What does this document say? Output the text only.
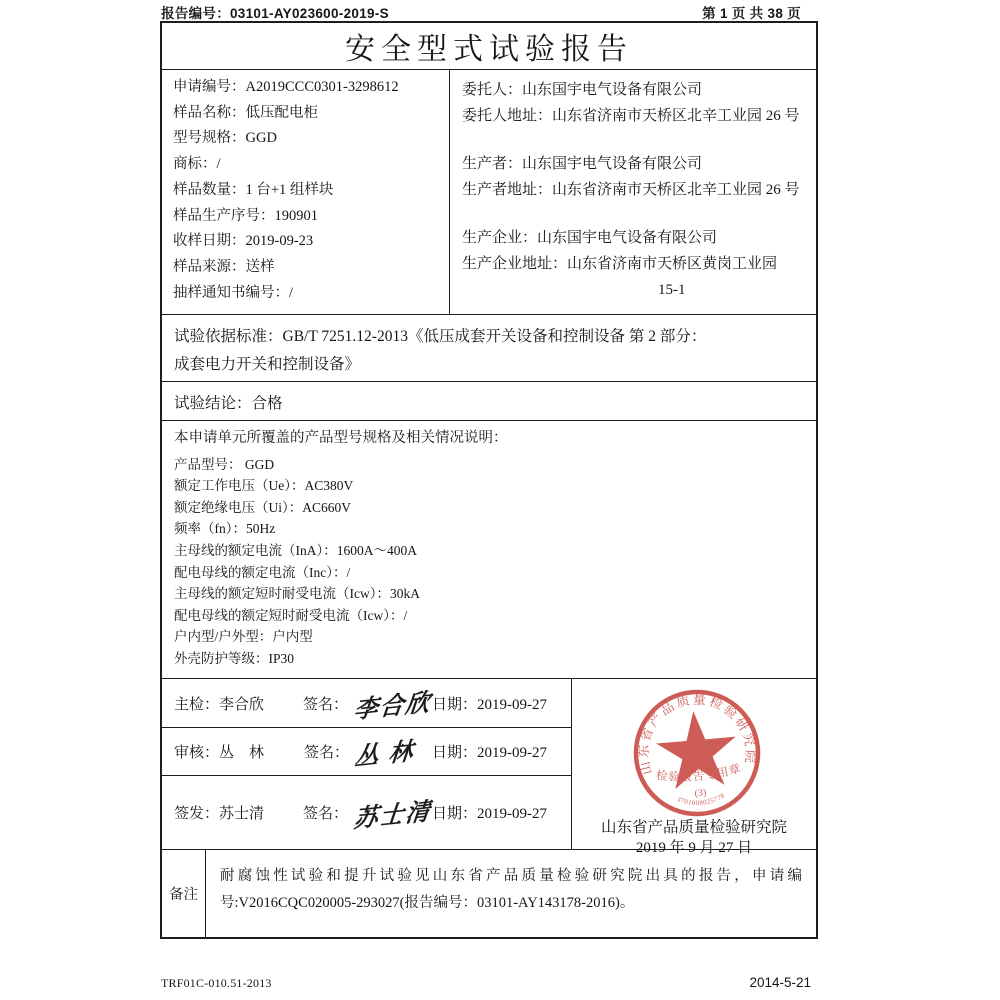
报告编号：03101-AY023600-2019-S	第 1 页 共 38 页
安全型式试验报告
申请编号：A2019CCC0301-3298612
样品名称：低压配电柜
型号规格：GGD
商标：/
样品数量：1 台+1 组样块
样品生产序号：190901
收样日期：2019-09-23
样品来源：送样
抽样通知书编号：/
委托人：山东国宇电气设备有限公司
委托人地址：山东省济南市天桥区北辛工业园 26 号
生产者：山东国宇电气设备有限公司
生产者地址：山东省济南市天桥区北辛工业园 26 号
生产企业：山东国宇电气设备有限公司
生产企业地址：山东省济南市天桥区黄岗工业园
15-1
试验依据标准：GB/T 7251.12-2013《低压成套开关设备和控制设备 第 2 部分：
成套电力开关和控制设备》
试验结论：合格
本申请单元所覆盖的产品型号规格及相关情况说明：
产品型号： GGD
额定工作电压（Ue）：AC380V
额定绝缘电压（Ui）：AC660V
频率（fn）：50Hz
主母线的额定电流（InA）：1600A～400A
配电母线的额定电流（Inc）：/
主母线的额定短时耐受电流（Icw）：30kA
配电母线的额定短时耐受电流（Icw）：/
户内型/户外型：户内型
外壳防护等级：IP30
主检：李合欣	签名： 李合欣 日期：2019-09-27
审核：丛　林	签名： 丛 林 日期：2019-09-27
签发：苏士清	签名： 苏士清 日期：2019-09-27
山东省产品质量检验研究院
检验报告专用章
(3)
3701008025778
山东省产品质量检验研究院
2019 年 9 月 27 日
备注
耐腐蚀性试验和提升试验见山东省产品质量检验研究院出具的报告，申请编
号:V2016CQC020005-293027(报告编号：03101-AY143178-2016)。
TRF01C-010.51-2013	2014-5-21
